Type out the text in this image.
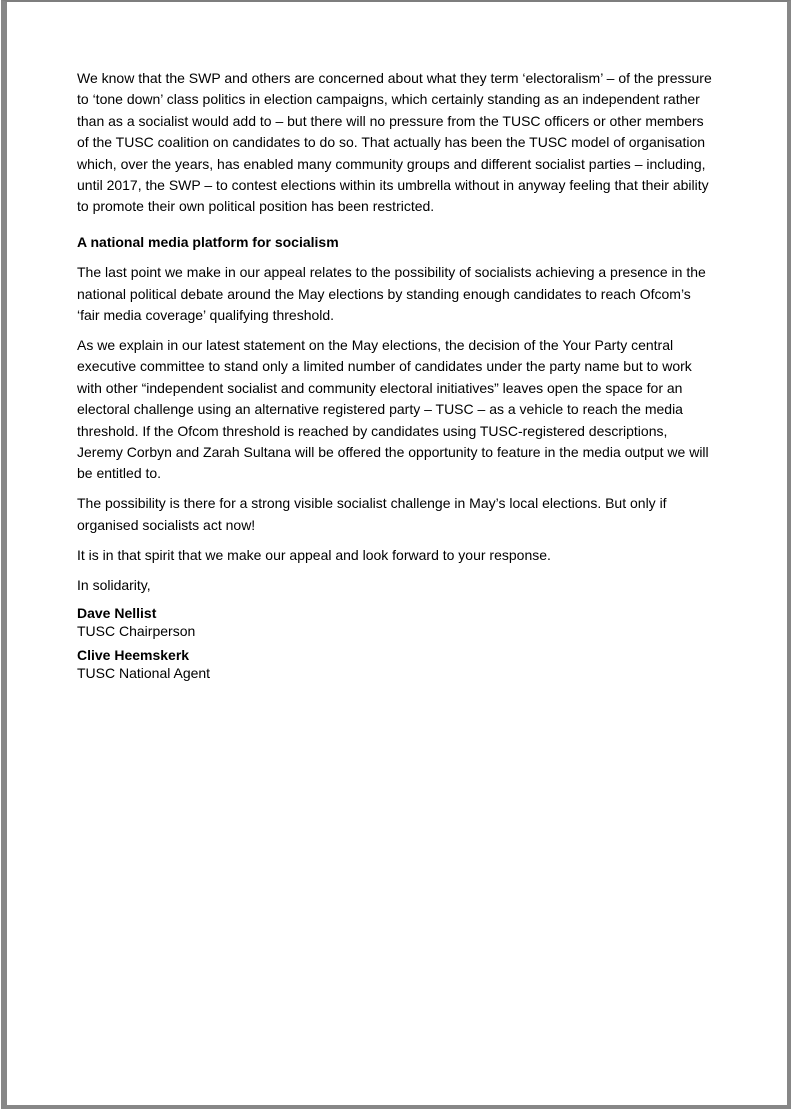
We know that the SWP and others are concerned about what they term ‘electoralism’ – of the pressure to ‘tone down’ class politics in election campaigns, which certainly standing as an independent rather than as a socialist would add to – but there will no pressure from the TUSC officers or other members of the TUSC coalition on candidates to do so. That actually has been the TUSC model of organisation which, over the years, has enabled many community groups and different socialist parties – including, until 2017, the SWP – to contest elections within its umbrella without in anyway feeling that their ability to promote their own political position has been restricted.

A national media platform for socialism

The last point we make in our appeal relates to the possibility of socialists achieving a presence in the national political debate around the May elections by standing enough candidates to reach Ofcom’s ‘fair media coverage’ qualifying threshold.

As we explain in our latest statement on the May elections, the decision of the Your Party central executive committee to stand only a limited number of candidates under the party name but to work with other “independent socialist and community electoral initiatives” leaves open the space for an electoral challenge using an alternative registered party – TUSC – as a vehicle to reach the media threshold. If the Ofcom threshold is reached by candidates using TUSC-registered descriptions, Jeremy Corbyn and Zarah Sultana will be offered the opportunity to feature in the media output we will be entitled to.

The possibility is there for a strong visible socialist challenge in May’s local elections. But only if organised socialists act now!

It is in that spirit that we make our appeal and look forward to your response.

In solidarity,

Dave Nellist
TUSC Chairperson
Clive Heemskerk
TUSC National Agent
